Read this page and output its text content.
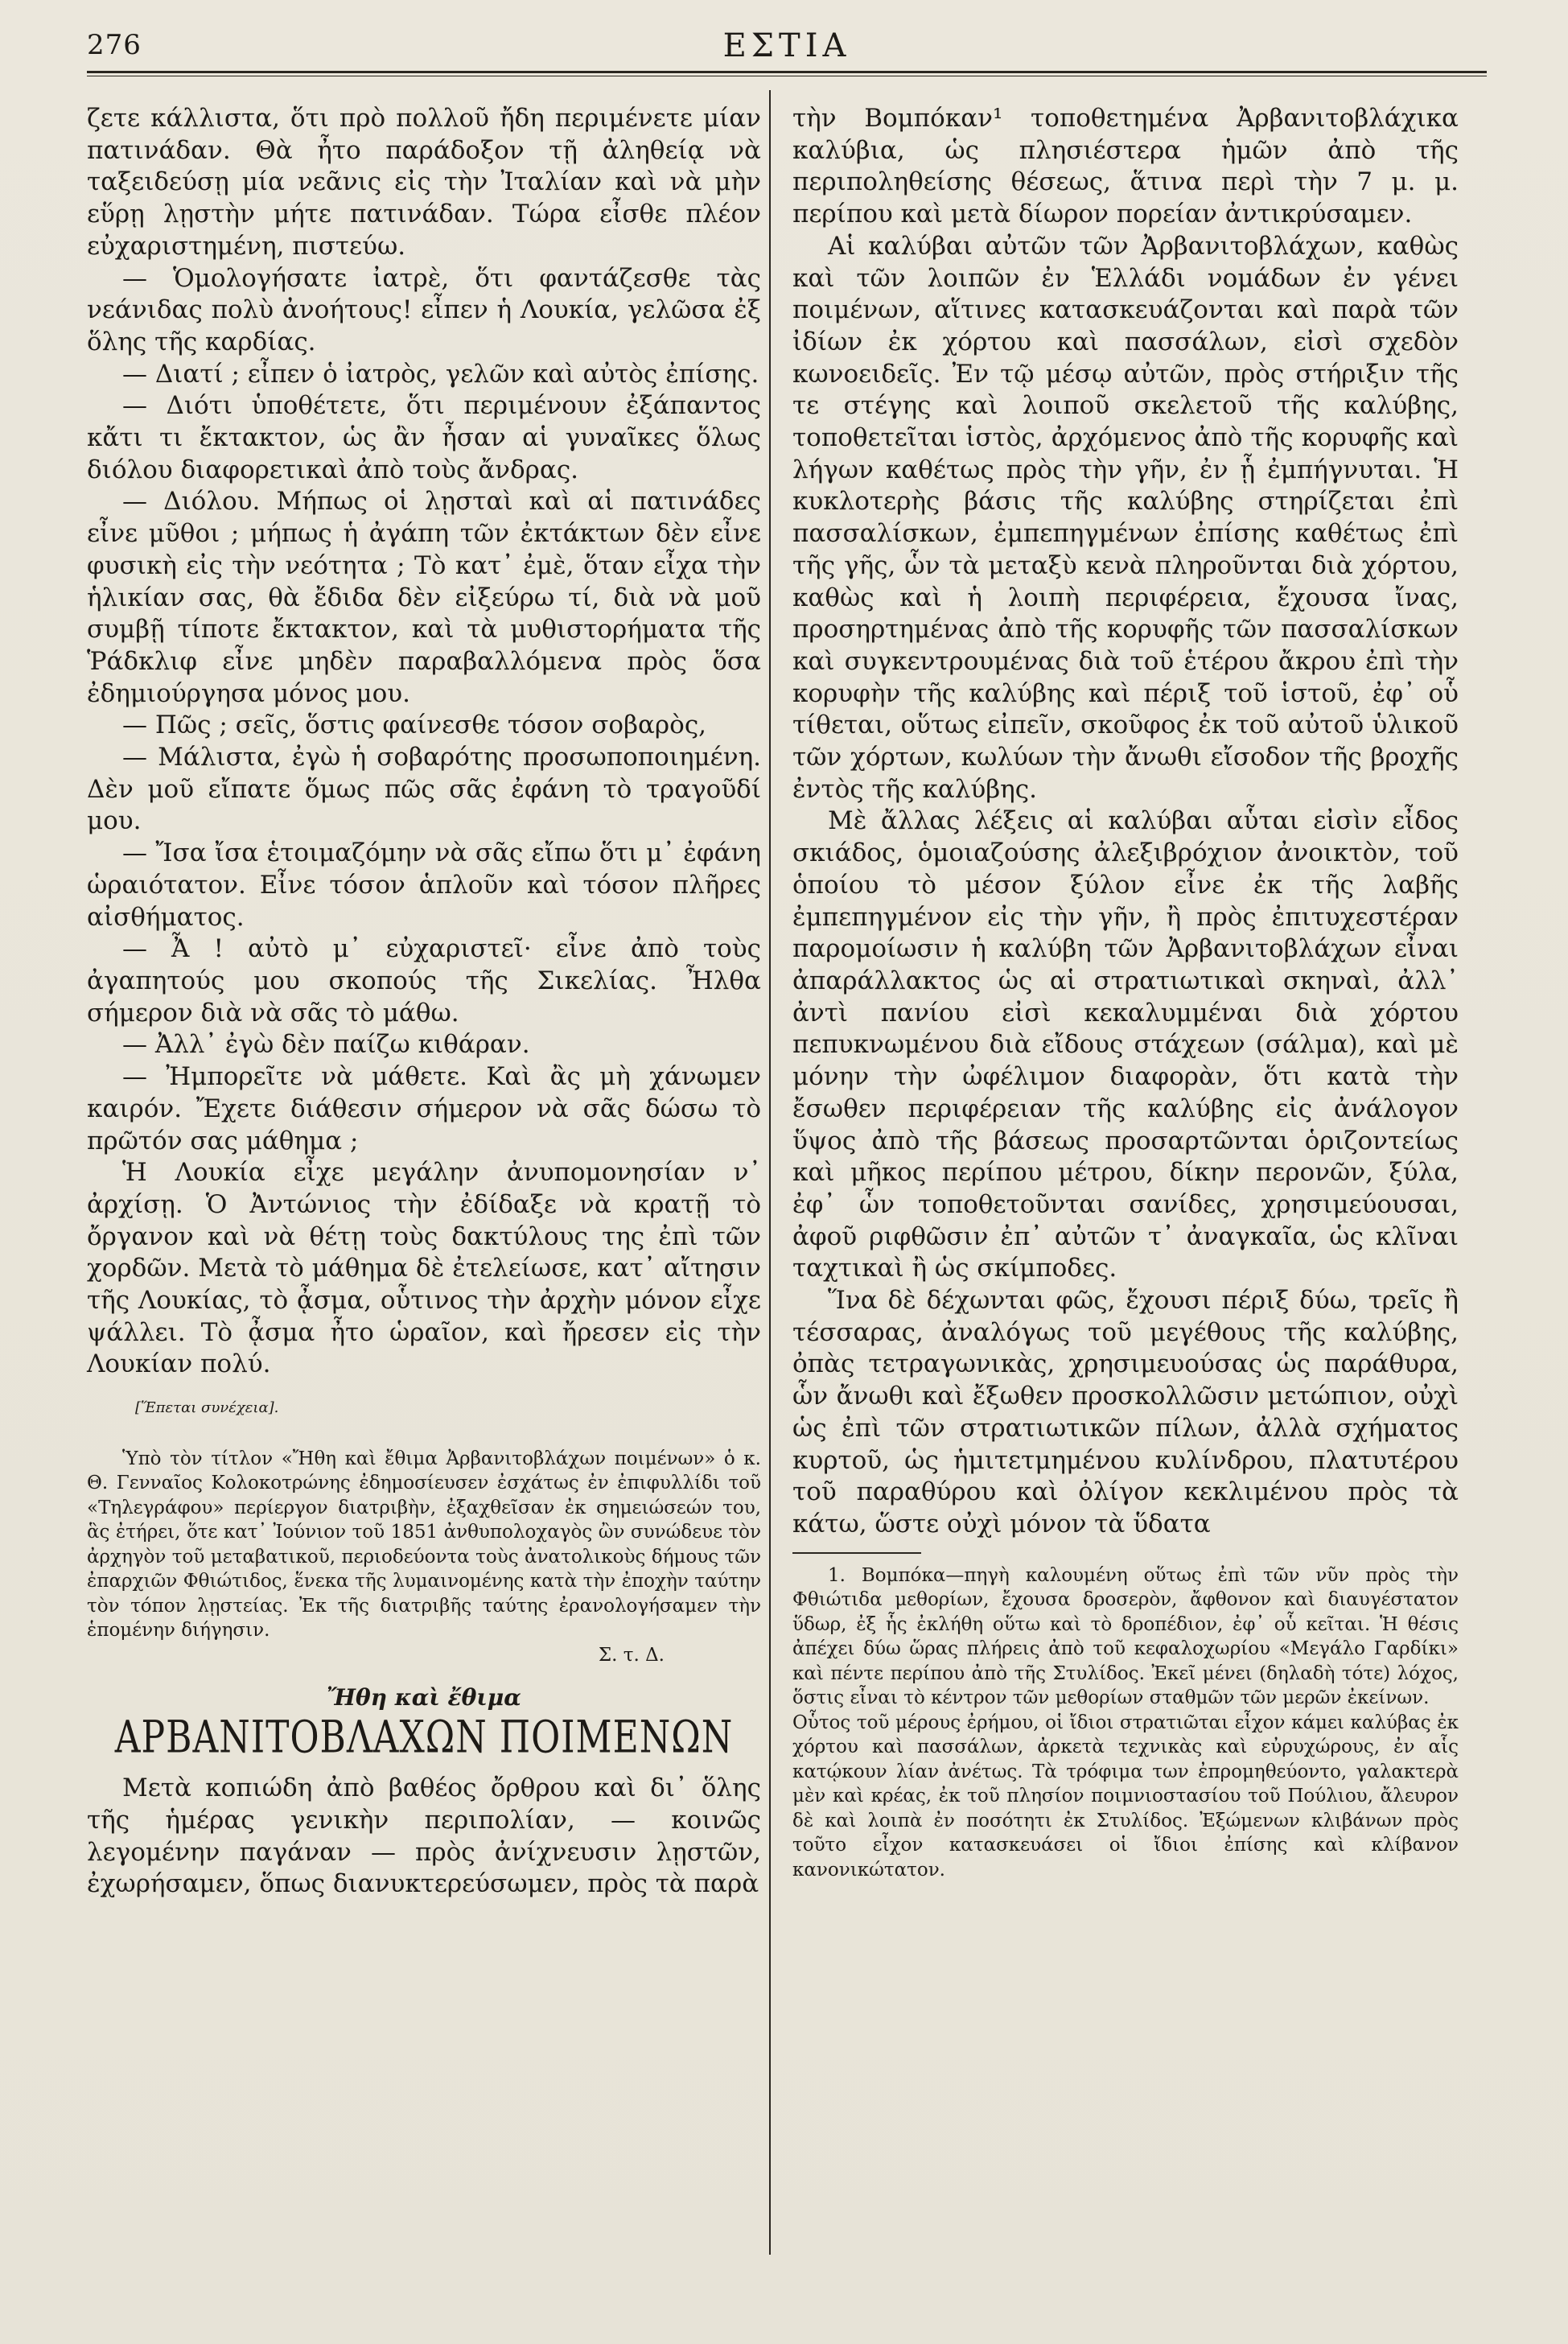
276	ΕΣΤΙΑ

ζετε κάλλιστα, ὅτι πρὸ πολλοῦ ἤδη περιμένετε μίαν πατινάδαν. Θὰ ἦτο παράδοξον τῇ ἀληθείᾳ νὰ ταξειδεύσῃ μία νεᾶνις εἰς τὴν Ἰταλίαν καὶ νὰ μὴν εὕρῃ λῃστὴν μήτε πατινάδαν. Τώρα εἶσθε πλέον εὐχαριστημένη, πιστεύω.

— Ὁμολογήσατε ἰατρὲ, ὅτι φαντάζεσθε τὰς νεάνιδας πολὺ ἀνοήτους! εἶπεν ἡ Λουκία, γελῶσα ἐξ ὅλης τῆς καρδίας.

— Διατί ; εἶπεν ὁ ἰατρὸς, γελῶν καὶ αὐτὸς ἐπίσης.

— Διότι ὑποθέτετε, ὅτι περιμένουν ἐξάπαντος κἄτι τι ἔκτακτον, ὡς ἂν ἦσαν αἱ γυναῖκες ὅλως διόλου διαφορετικαὶ ἀπὸ τοὺς ἄνδρας.

— Διόλου. Μήπως οἱ λῃσταὶ καὶ αἱ πατινάδες εἶνε μῦθοι ; μήπως ἡ ἀγάπη τῶν ἐκτάκτων δὲν εἶνε φυσικὴ εἰς τὴν νεότητα ; Τὸ κατ᾽ ἐμὲ, ὅταν εἶχα τὴν ἡλικίαν σας, θὰ ἔδιδα δὲν εἰξεύρω τί, διὰ νὰ μοῦ συμβῇ τίποτε ἔκτακτον, καὶ τὰ μυθιστορήματα τῆς Ῥάδκλιφ εἶνε μηδὲν παραβαλλόμενα πρὸς ὅσα ἐδημιούργησα μόνος μου.

— Πῶς ; σεῖς, ὅστις φαίνεσθε τόσον σοβαρὸς,

— Μάλιστα, ἐγὼ ἡ σοβαρότης προσωποποιημένη. Δὲν μοῦ εἴπατε ὅμως πῶς σᾶς ἐφάνη τὸ τραγοῦδί μου.

— Ἴσα ἴσα ἑτοιμαζόμην νὰ σᾶς εἴπω ὅτι μ᾽ ἐφάνη ὡραιότατον. Εἶνε τόσον ἁπλοῦν καὶ τόσον πλῆρες αἰσθήματος.

— Ἆ ! αὐτὸ μ᾽ εὐχαριστεῖ· εἶνε ἀπὸ τοὺς ἀγαπητούς μου σκοπούς τῆς Σικελίας. Ἦλθα σήμερον διὰ νὰ σᾶς τὸ μάθω.

— Ἀλλ᾽ ἐγὼ δὲν παίζω κιθάραν.

— Ἠμπορεῖτε νὰ μάθετε. Καὶ ἂς μὴ χάνωμεν καιρόν. Ἔχετε διάθεσιν σήμερον νὰ σᾶς δώσω τὸ πρῶτόν σας μάθημα ;

Ἡ Λουκία εἶχε μεγάλην ἀνυπομονησίαν ν᾽ ἀρχίσῃ. Ὁ Ἀντώνιος τὴν ἐδίδαξε νὰ κρατῇ τὸ ὄργανον καὶ νὰ θέτῃ τοὺς δακτύλους της ἐπὶ τῶν χορδῶν. Μετὰ τὸ μάθημα δὲ ἐτελείωσε, κατ᾽ αἴτησιν τῆς Λουκίας, τὸ ᾆσμα, οὗτινος τὴν ἀρχὴν μόνον εἶχε ψάλλει. Τὸ ᾆσμα ἦτο ὡραῖον, καὶ ἤρεσεν εἰς τὴν Λουκίαν πολύ.

[Ἕπεται συνέχεια].

Ὑπὸ τὸν τίτλον «Ἤθη καὶ ἔθιμα Ἀρβανιτοβλάχων ποιμένων» ὁ κ. Θ. Γενναῖος Κολοκοτρώνης ἐδημοσίευσεν ἐσχάτως ἐν ἐπιφυλλίδι τοῦ «Τηλεγράφου» περίεργον διατριβὴν, ἐξαχθεῖσαν ἐκ σημειώσεών του, ἃς ἐτήρει, ὅτε κατ᾽ Ἰούνιον τοῦ 1851 ἀνθυπολοχαγὸς ὢν συνώδευε τὸν ἀρχηγὸν τοῦ μεταβατικοῦ, περιοδεύοντα τοὺς ἀνατολικοὺς δήμους τῶν ἐπαρχιῶν Φθιώτιδος, ἕνεκα τῆς λυμαινομένης κατὰ τὴν ἐποχὴν ταύτην τὸν τόπον λῃστείας. Ἐκ τῆς διατριβῆς ταύτης ἐρανολογήσαμεν τὴν ἑπομένην διήγησιν.

Σ. τ. Δ.
Ἤθη καὶ ἔθιμα
ΑΡΒΑΝΙΤΟΒΛΑΧΩΝ ΠΟΙΜΕΝΩΝ

Μετὰ κοπιώδη ἀπὸ βαθέος ὄρθρου καὶ δι᾽ ὅλης τῆς ἡμέρας γενικὴν περιπολίαν, — κοινῶς λεγομένην παγάναν — πρὸς ἀνίχνευσιν λῃστῶν, ἐχωρήσαμεν, ὅπως διανυκτερεύσωμεν, πρὸς τὰ παρὰ

τὴν Βομπόκαν¹ τοποθετημένα Ἀρβανιτοβλάχικα καλύβια, ὡς πλησιέστερα ἡμῶν ἀπὸ τῆς περιποληθείσης θέσεως, ἅτινα περὶ τὴν 7 μ. μ. περίπου καὶ μετὰ δίωρον πορείαν ἀντικρύσαμεν.

Αἱ καλύβαι αὐτῶν τῶν Ἀρβανιτοβλάχων, καθὼς καὶ τῶν λοιπῶν ἐν Ἑλλάδι νομάδων ἐν γένει ποιμένων, αἵτινες κατασκευάζονται καὶ παρὰ τῶν ἰδίων ἐκ χόρτου καὶ πασσάλων, εἰσὶ σχεδὸν κωνοειδεῖς. Ἐν τῷ μέσῳ αὐτῶν, πρὸς στήριξιν τῆς τε στέγης καὶ λοιποῦ σκελετοῦ τῆς καλύβης, τοποθετεῖται ἱστὸς, ἀρχόμενος ἀπὸ τῆς κορυφῆς καὶ λήγων καθέτως πρὸς τὴν γῆν, ἐν ᾗ ἐμπήγνυται. Ἡ κυκλοτερὴς βάσις τῆς καλύβης στηρίζεται ἐπὶ πασσαλίσκων, ἐμπεπηγμένων ἐπίσης καθέτως ἐπὶ τῆς γῆς, ὧν τὰ μεταξὺ κενὰ πληροῦνται διὰ χόρτου, καθὼς καὶ ἡ λοιπὴ περιφέρεια, ἔχουσα ἴνας, προσηρτημένας ἀπὸ τῆς κορυφῆς τῶν πασσαλίσκων καὶ συγκεντρουμένας διὰ τοῦ ἑτέρου ἄκρου ἐπὶ τὴν κορυφὴν τῆς καλύβης καὶ πέριξ τοῦ ἱστοῦ, ἐφ᾽ οὗ τίθεται, οὕτως εἰπεῖν, σκοῦφος ἐκ τοῦ αὐτοῦ ὑλικοῦ τῶν χόρτων, κωλύων τὴν ἄνωθι εἴσοδον τῆς βροχῆς ἐντὸς τῆς καλύβης.

Μὲ ἄλλας λέξεις αἱ καλύβαι αὗται εἰσὶν εἶδος σκιάδος, ὁμοιαζούσης ἀλεξιβρόχιον ἀνοικτὸν, τοῦ ὁποίου τὸ μέσον ξύλον εἶνε ἐκ τῆς λαβῆς ἐμπεπηγμένον εἰς τὴν γῆν, ἢ πρὸς ἐπιτυχεστέραν παρομοίωσιν ἡ καλύβη τῶν Ἀρβανιτοβλάχων εἶναι ἀπαράλλακτος ὡς αἱ στρατιωτικαὶ σκηναὶ, ἀλλ᾽ ἀντὶ πανίου εἰσὶ κεκαλυμμέναι διὰ χόρτου πεπυκνωμένου διὰ εἴδους στάχεων (σάλμα), καὶ μὲ μόνην τὴν ὠφέλιμον διαφορὰν, ὅτι κατὰ τὴν ἔσωθεν περιφέρειαν τῆς καλύβης εἰς ἀνάλογον ὕψος ἀπὸ τῆς βάσεως προσαρτῶνται ὁριζοντείως καὶ μῆκος περίπου μέτρου, δίκην περονῶν, ξύλα, ἐφ᾽ ὧν τοποθετοῦνται σανίδες, χρησιμεύουσαι, ἀφοῦ ριφθῶσιν ἐπ᾽ αὐτῶν τ᾽ ἀναγκαῖα, ὡς κλῖναι ταχτικαὶ ἢ ὡς σκίμποδες.

Ἵνα δὲ δέχωνται φῶς, ἔχουσι πέριξ δύω, τρεῖς ἢ τέσσαρας, ἀναλόγως τοῦ μεγέθους τῆς καλύβης, ὀπὰς τετραγωνικὰς, χρησιμευούσας ὡς παράθυρα, ὧν ἄνωθι καὶ ἔξωθεν προσκολλῶσιν μετώπιον, οὐχὶ ὡς ἐπὶ τῶν στρατιωτικῶν πίλων, ἀλλὰ σχήματος κυρτοῦ, ὡς ἡμιτετμημένου κυλίνδρου, πλατυτέρου τοῦ παραθύρου καὶ ὀλίγον κεκλιμένου πρὸς τὰ κάτω, ὥστε οὐχὶ μόνον τὰ ὕδατα

1. Βομπόκα—πηγὴ καλουμένη οὕτως ἐπὶ τῶν νῦν πρὸς τὴν Φθιώτιδα μεθορίων, ἔχουσα δροσερὸν, ἄφθονον καὶ διαυγέστατον ὕδωρ, ἐξ ἧς ἐκλήθη οὕτω καὶ τὸ δροπέδιον, ἐφ᾽ οὗ κεῖται. Ἡ θέσις ἀπέχει δύω ὥρας πλήρεις ἀπὸ τοῦ κεφαλοχωρίου «Μεγάλο Γαρδίκι» καὶ πέντε περίπου ἀπὸ τῆς Στυλίδος. Ἐκεῖ μένει (δηλαδὴ τότε) λόχος, ὅστις εἶναι τὸ κέντρον τῶν μεθορίων σταθμῶν τῶν μερῶν ἐκείνων.

Οὗτος τοῦ μέρους ἐρήμου, οἱ ἴδιοι στρατιῶται εἶχον κάμει καλύβας ἐκ χόρτου καὶ πασσάλων, ἀρκετὰ τεχνικὰς καὶ εὐρυχώρους, ἐν αἷς κατῴκουν λίαν ἀνέτως. Τὰ τρόφιμα των ἐπρομηθεύοντο, γαλακτερὰ μὲν καὶ κρέας, ἐκ τοῦ πλησίον ποιμνιοστασίου τοῦ Πούλιου, ἄλευρον δὲ καὶ λοιπὰ ἐν ποσότητι ἐκ Στυλίδος. Ἐξώμενων κλιβάνων πρὸς τοῦτο εἶχον κατασκευάσει οἱ ἴδιοι ἐπίσης καὶ κλίβανον κανονικώτατον.
